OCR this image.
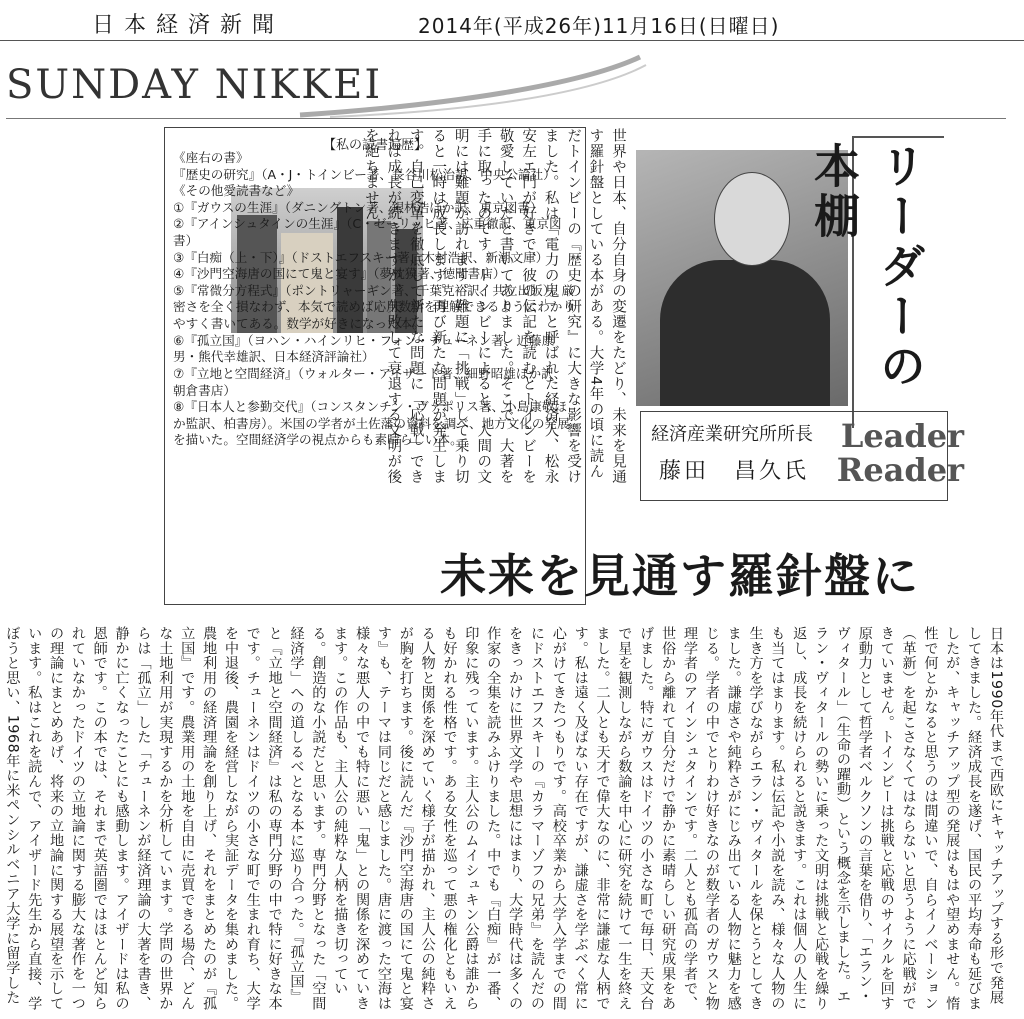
日本経済新聞	2014年(平成26年)11月16日(日曜日)
SUNDAY NIKKEI
【私の読書遍歴】

《座右の書》

『歴史の研究』（A・J・トインビー著、長谷川松治訳、中央公論社）

《その他愛読書など》

①『ガウスの生涯』（ダニングトン著、銀林浩ほか訳、東京図書）

②『アインシュタインの生涯』（C・ゼーリッヒ著、広重徹訳、東京図書）

③『白痴（上・下）』（ドストエフスキー著、木村浩訳、新潮文庫）

④『沙門空海唐の国にて鬼と宴す』（夢枕獏著、徳間書店）

⑤『常微分方程式』（ポントリャーギン著、千葉克裕訳、共立出版）。厳密さを全く損なわず、本気で読めば応用数学を理解できるようにわかりやすく書いてある。数学が好きになった本。

⑥『孤立国』（ヨハン・ハインリヒ・フォン・チューネン著、近藤康男・熊代幸雄訳、日本経済評論社）

⑦『立地と空間経済』（ウォルター・アイザード著、細野昭雄ほか訳、朝倉書店）

⑧『日本人と参勤交代』（コンスタンチン・ヴァポリス著、小島康敬ほか監訳、柏書房）。米国の学者が土佐藩の資料を調べ、地方文化の発展を描いた。空間経済学の視点からも素晴らしい本。	世界や日本、自分自身の変遷をたどり、未来を見通す羅針盤としている本がある。大学4年の頃に読んだトインビーの『歴史の研究』に大きな影響を受けました。私は「電力の鬼」と呼ばれた経済人、松永安左エ門が好きで、彼の伝記を読むとトインビーを敬愛していたと書いてありました。そこで、大著を手に取ったのです。トインビーによると、人間の文明には難題が訪れます。難題に「挑戦」して乗り切ると一時は成長します。再び新たな問題が発生します。自己変革を徹底して新たな問題に「応戦」できれば成長が続きますが、失敗して衰退する文明が後を絶ちません。	リーダーの本棚
経済産業研究所所長
藤田　昌久氏
Leader
Reader
未来を見通す羅針盤に
日本は1990年代まで西欧にキャッチアップする形で発展してきました。経済成長を遂げ、国民の平均寿命も延びましたが、キャッチアップ型の発展はもはや望めません。惰性で何とかなると思うのは間違いで、自らイノベーション（革新）を起こさなくてはならないと思うように応戦ができていません。トインビーは挑戦と応戦のサイクルを回す原動力として哲学者ベルクソンの言葉を借り、「エラン・ヴィタール」（生命の躍動）という概念を示しました。エラン・ヴィタールの勢いに乗った文明は挑戦と応戦を繰り返し、成長を続けられると説きます。これは個人の人生にも当てはまります。私は伝記や小説を読み、様々な人物の生き方を学びながらエラン・ヴィタールを保とうとしてきました。謙虚さや純粋さがにじみ出ている人物に魅力を感じる。学者の中でとりわけ好きなのが数学者のガウスと物理学者のアインシュタインです。二人とも孤高の学者で、世俗から離れて自分だけで静かに素晴らしい研究成果をあげました。特にガウスはドイツの小さな町で毎日、天文台で星を観測しながら数論を中心に研究を続けて一生を終えました。二人とも天才で偉大なのに、非常に謙虚な人柄です。私は遠く及ばない存在ですが、謙虚さを学ぶべく常に心がけてきたつもりです。高校卒業から大学入学までの間にドストエフスキーの『カラマーゾフの兄弟』を読んだのをきっかけに世界文学や思想にはまり、大学時代は多くの作家の全集を読みふけりました。中でも『白痴』が一番、印象に残っています。主人公のムイシュキン公爵は誰からも好かれる性格です。ある女性を巡って悪の権化ともいえる人物と関係を深めていく様子が描かれ、主人公の純粋さが胸を打ちます。後に読んだ『沙門空海唐の国にて鬼と宴す』も、テーマは同じだと感じました。唐に渡った空海は様々な悪人の中でも特に悪い「鬼」との関係を深めていきます。この作品も、主人公の純粋な人柄を描き切っている。創造的な小説だと思います。専門分野となった「空間経済学」への道しるべとなる本に巡り合った。『孤立国』と『立地と空間経済』は私の専門分野の中で特に好きな本です。チューネンはドイツの小さな町で生まれ育ち、大学を中退後、農園を経営しながら実証データを集めました。農地利用の経済理論を創り上げ、それをまとめたのが『孤立国』です。農業用の土地を自由に売買できる場合、どんな土地利用が実現するかを分析しています。学問の世界からは「孤立」した「チューネンが経済理論の大著を書き、静かに亡くなったことにも感動します。アイザードは私の恩師です。この本では、それまで英語圏ではほとんど知られていなかったドイツの立地論に関する膨大な著作を一つの理論にまとめあげ、将来の立地論に関する展望を示しています。私はこれを読んで、アイザード先生から直接、学ぼうと思い、1968年に米ペンシルベニア大学に留学した　
